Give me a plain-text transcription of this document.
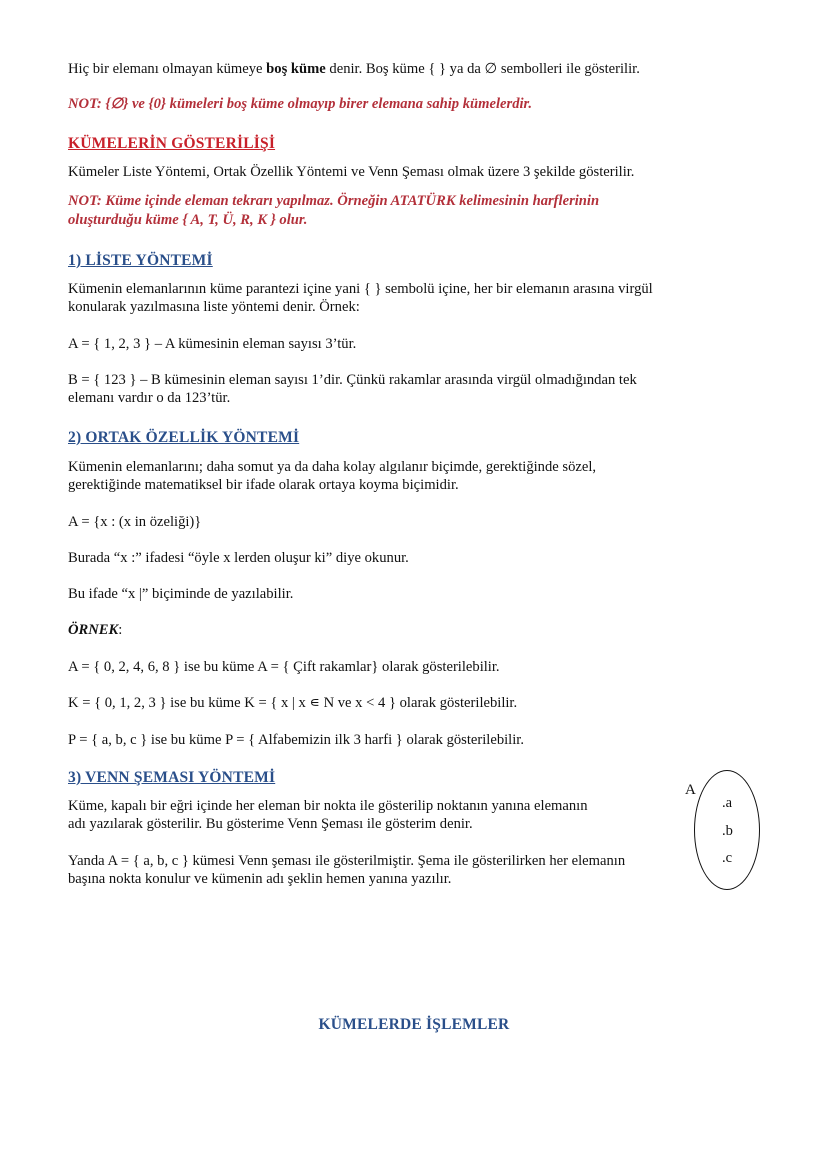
Hiç bir elemanı olmayan kümeye boş küme denir. Boş küme { } ya da ∅ sembolleri ile gösterilir.

NOT: {∅} ve {0} kümeleri boş küme olmayıp birer elemana sahip kümelerdir.

KÜMELERİN GÖSTERİLİŞİ

Kümeler Liste Yöntemi, Ortak Özellik Yöntemi ve Venn Şeması olmak üzere 3 şekilde gösterilir.

NOT: Küme içinde eleman tekrarı yapılmaz. Örneğin ATATÜRK kelimesinin harflerinin

oluşturduğu küme { A, T, Ü, R, K } olur.

1) LİSTE YÖNTEMİ

Kümenin elemanlarının küme parantezi içine yani { } sembolü içine, her bir elemanın arasına virgül

konularak yazılmasına liste yöntemi denir. Örnek:

A = { 1, 2, 3 } – A kümesinin eleman sayısı 3’tür.

B = { 123 } – B kümesinin eleman sayısı 1’dir. Çünkü rakamlar arasında virgül olmadığından tek

elemanı vardır o da 123’tür.

2) ORTAK ÖZELLİK YÖNTEMİ

Kümenin elemanlarını; daha somut ya da daha kolay algılanır biçimde, gerektiğinde sözel,

gerektiğinde matematiksel bir ifade olarak ortaya koyma biçimidir.

A = {x : (x in özeliği)}

Burada “x :” ifadesi “öyle x lerden oluşur ki” diye okunur.

Bu ifade “x |” biçiminde de yazılabilir.

ÖRNEK:

A = { 0, 2, 4, 6, 8 } ise bu küme A = { Çift rakamlar} olarak gösterilebilir.

K = { 0, 1, 2, 3 } ise bu küme K = { x | x ∊ N ve x < 4 } olarak gösterilebilir.

P = { a, b, c } ise bu küme P = { Alfabemizin ilk 3 harfi } olarak gösterilebilir.

3) VENN ŞEMASI YÖNTEMİ

Küme, kapalı bir eğri içinde her eleman bir nokta ile gösterilip noktanın yanına elemanın

adı yazılarak gösterilir. Bu gösterime Venn Şeması ile gösterim denir.

Yanda A = { a, b, c } kümesi Venn şeması ile gösterilmiştir. Şema ile gösterilirken her elemanın

başına nokta konulur ve kümenin adı şeklin hemen yanına yazılır.

A
.a
.b
.c

KÜMELERDE İŞLEMLER
